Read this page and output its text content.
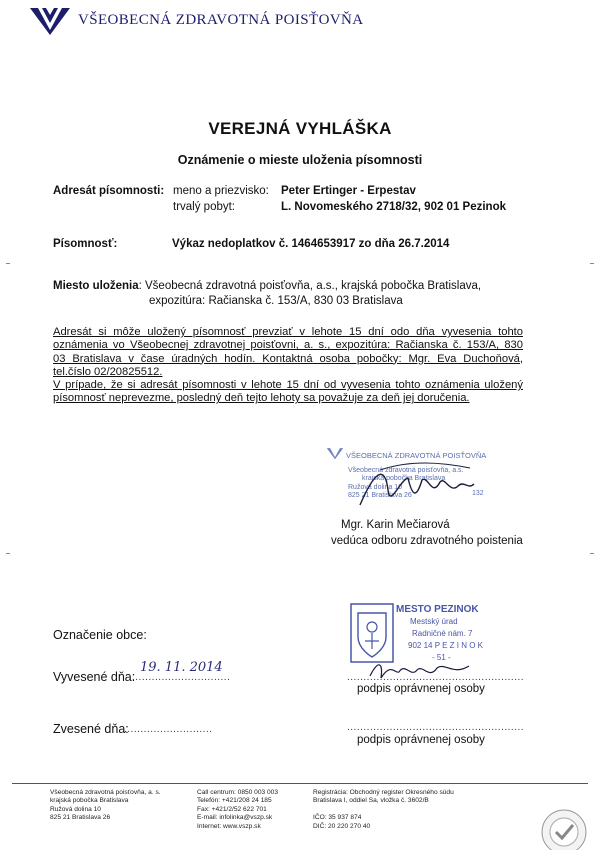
VŠEOBECNÁ ZDRAVOTNÁ POISŤOVŇA
VEREJNÁ VYHLÁŠKA
Oznámenie o mieste uloženia písomnosti
Adresát písomnosti: meno a priezvisko: Peter Ertinger - Erpestav
trvalý pobyt:	L. Novomeského 2718/32, 902 01 Pezinok
Písomnosť:	Výkaz nedoplatkov č. 1464653917 zo dňa 26.7.2014
Miesto uloženia: Všeobecná zdravotná poisťovňa, a.s., krajská pobočka Bratislava,
expozitúra: Račianska č. 153/A, 830 03 Bratislava

Adresát si môže uložený písomnosť prevziať v lehote 15 dní odo dňa vyvesenia tohto

oznámenia vo Všeobecnej zdravotnej poisťovni, a. s., expozitúra: Račianska č. 153/A, 830

03 Bratislava v čase úradných hodín. Kontaktná osoba pobočky: Mgr. Eva Duchoňová,

tel.číslo 02/20825512.

V prípade, že si adresát písomnosti v lehote 15 dní od vyvesenia tohto oznámenia uložený

písomnosť neprevezme, posledný deň tejto lehoty sa považuje za deň jej doručenia.

VŠEOBECNÁ ZDRAVOTNÁ POISŤOVŇA
Všeobecná zdravotná poisťovňa, a.s.
krajská pobočka Bratislava
Ružová dolina 10
825 21 Bratislava 26	132
Mgr. Karin Mečiarová
vedúca odboru zdravotného poistenia
Označenie obce:
MESTO PEZINOK
Mestský úrad
Radničné nám. 7
902 14 P E Z I N O K
- 51 -
Vyvesené dňa:
..............................
19. 11. 2014
......................................................
podpis oprávnenej osoby
Zvesené dňa:
...........................	......................................................
podpis oprávnenej osoby
Všeobecná zdravotná poisťovňa, a. s.
krajská pobočka Bratislava
Ružová dolina 10
825 21 Bratislava 26
Call centrum: 0850 003 003
Telefón: +421/208 24 185
Fax: +421/2/52 622 701
E-mail: infolinka@vszp.sk
Internet: www.vszp.sk
Registrácia: Obchodný register Okresného súdu
Bratislava I, oddiel Sa, vložka č. 3602/B

IČO: 35 937 874
DIČ: 20 220 270 40
